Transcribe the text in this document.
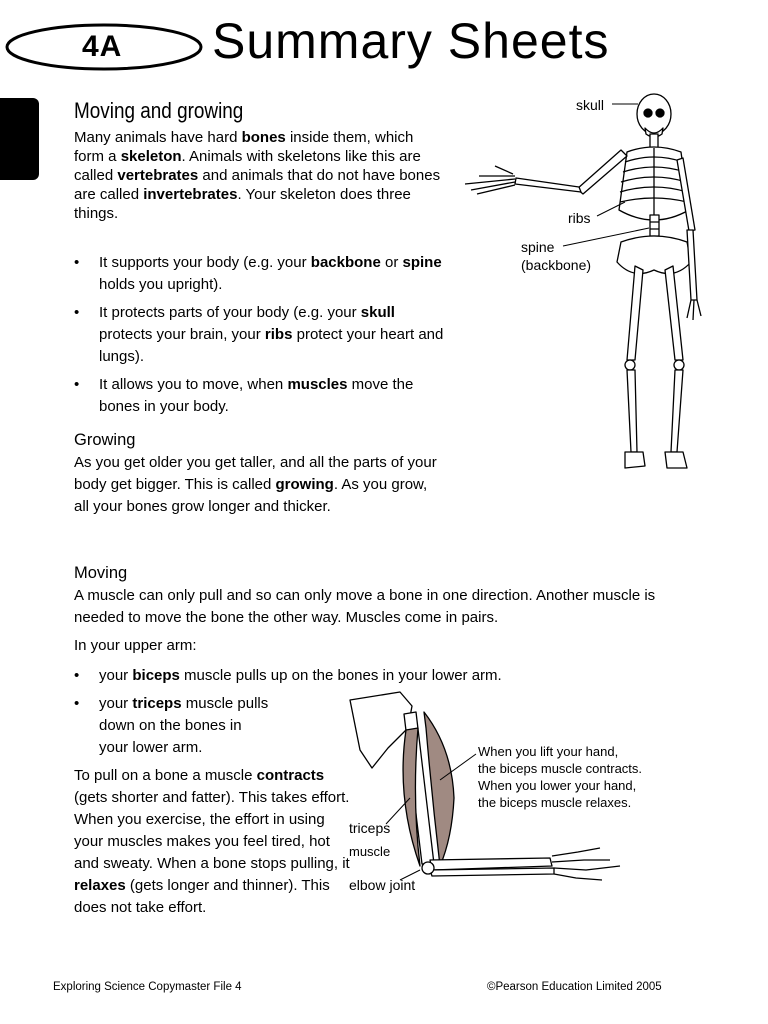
4A Summary Sheets
Moving and growing
Many animals have hard bones inside them, which form a skeleton. Animals with skeletons like this are called vertebrates and animals that do not have bones are called invertebrates. Your skeleton does three things.
• It supports your body (e.g. your backbone or spine holds you upright).
• It protects parts of your body (e.g. your skull protects your brain, your ribs protect your heart and lungs).
• It allows you to move, when muscles move the bones in your body.
skull
ribs
spine
(backbone)
Growing
As you get older you get taller, and all the parts of your body get bigger. This is called growing. As you grow, all your bones grow longer and thicker.
Moving
A muscle can only pull and so can only move a bone in one direction. Another muscle is needed to move the bone the other way. Muscles come in pairs.
In your upper arm:
• your biceps muscle pulls up on the bones in your lower arm.
• your triceps muscle pulls
down on the bones in
your lower arm.
To pull on a bone a muscle contracts (gets shorter and fatter). This takes effort. When you exercise, the effort in using your muscles makes you feel tired, hot and sweaty. When a bone stops pulling, it relaxes (gets longer and thinner). This does not take effort.
triceps
muscle
elbow joint
When you lift your hand,
the biceps muscle contracts.
When you lower your hand,
the biceps muscle relaxes.
Exploring Science Copymaster File 4	©Pearson Education Limited 2005
